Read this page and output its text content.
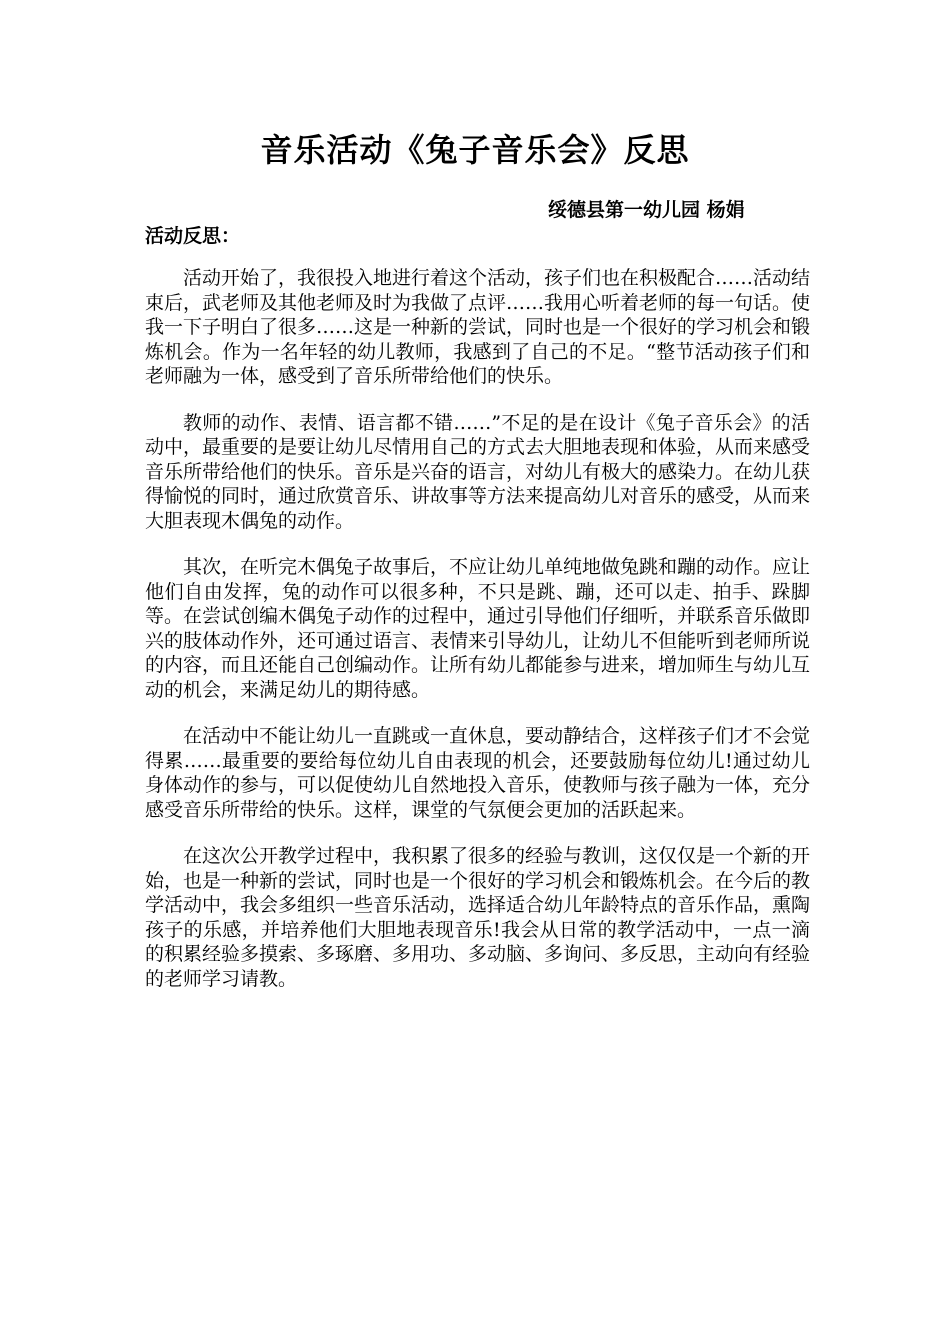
音乐活动《兔子音乐会》反思
绥德县第一幼儿园 杨娟
活动反思：

活动开始了，我很投入地进行着这个活动，孩子们也在积极配合……活动结束后，武老师及其他老师及时为我做了点评……我用心听着老师的每一句话。使我一下子明白了很多……这是一种新的尝试，同时也是一个很好的学习机会和锻炼机会。作为一名年轻的幼儿教师，我感到了自己的不足。“整节活动孩子们和老师融为一体，感受到了音乐所带给他们的快乐。

教师的动作、表情、语言都不错……”不足的是在设计《兔子音乐会》的活动中，最重要的是要让幼儿尽情用自己的方式去大胆地表现和体验，从而来感受音乐所带给他们的快乐。音乐是兴奋的语言，对幼儿有极大的感染力。在幼儿获得愉悦的同时，通过欣赏音乐、讲故事等方法来提高幼儿对音乐的感受，从而来大胆表现木偶兔的动作。

其次，在听完木偶兔子故事后，不应让幼儿单纯地做兔跳和蹦的动作。应让他们自由发挥，兔的动作可以很多种，不只是跳、蹦，还可以走、拍手、跺脚等。在尝试创编木偶兔子动作的过程中，通过引导他们仔细听，并联系音乐做即兴的肢体动作外，还可通过语言、表情来引导幼儿，让幼儿不但能听到老师所说的内容，而且还能自己创编动作。让所有幼儿都能参与进来，增加师生与幼儿互动的机会，来满足幼儿的期待感。

在活动中不能让幼儿一直跳或一直休息，要动静结合，这样孩子们才不会觉得累……最重要的要给每位幼儿自由表现的机会，还要鼓励每位幼儿!通过幼儿身体动作的参与，可以促使幼儿自然地投入音乐，使教师与孩子融为一体，充分感受音乐所带给的快乐。这样，课堂的气氛便会更加的活跃起来。

在这次公开教学过程中，我积累了很多的经验与教训，这仅仅是一个新的开始，也是一种新的尝试，同时也是一个很好的学习机会和锻炼机会。在今后的教学活动中，我会多组织一些音乐活动，选择适合幼儿年龄特点的音乐作品，熏陶孩子的乐感，并培养他们大胆地表现音乐!我会从日常的教学活动中，一点一滴的积累经验多摸索、多琢磨、多用功、多动脑、多询问、多反思，主动向有经验的老师学习请教。
